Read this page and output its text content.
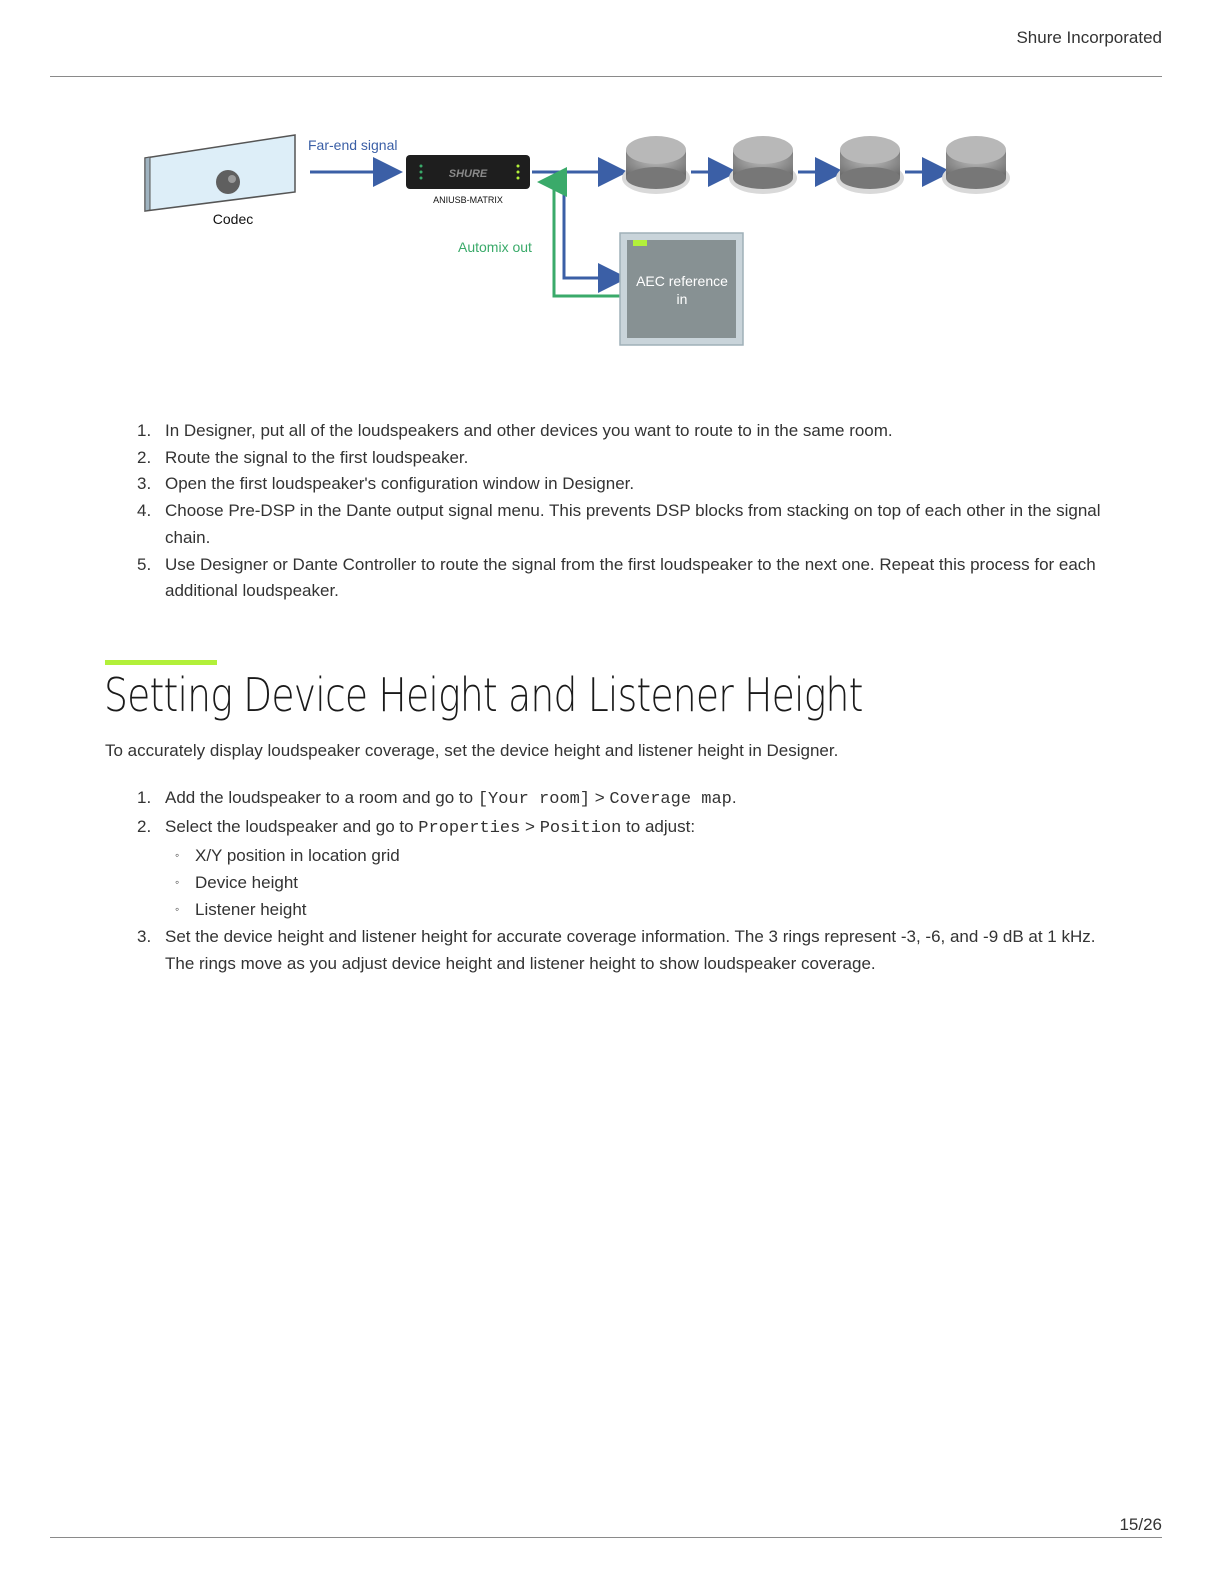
Shure Incorporated
Codec
Far-end signal
SHURE
ANIUSB-MATRIX
Automix out
AEC reference
in
1. In Designer, put all of the loudspeakers and other devices you want to route to in the same room.
2. Route the signal to the first loudspeaker.
3. Open the first loudspeaker's configuration window in Designer.
4. Choose Pre-DSP in the Dante output signal menu. This prevents DSP blocks from stacking on top of each other in the signal chain.
5. Use Designer or Dante Controller to route the signal from the first loudspeaker to the next one. Repeat this process for each additional loudspeaker.
Setting Device Height and Listener Height

To accurately display loudspeaker coverage, set the device height and listener height in Designer.

1. Add the loudspeaker to a room and go to [Your room] > Coverage map.
2. Select the loudspeaker and go to Properties > Position to adjust:
◦ X/Y position in location grid
◦ Device height
◦ Listener height
3. Set the device height and listener height for accurate coverage information. The 3 rings represent -3, -6, and -9 dB at 1 kHz. The rings move as you adjust device height and listener height to show loudspeaker coverage.
15/26
